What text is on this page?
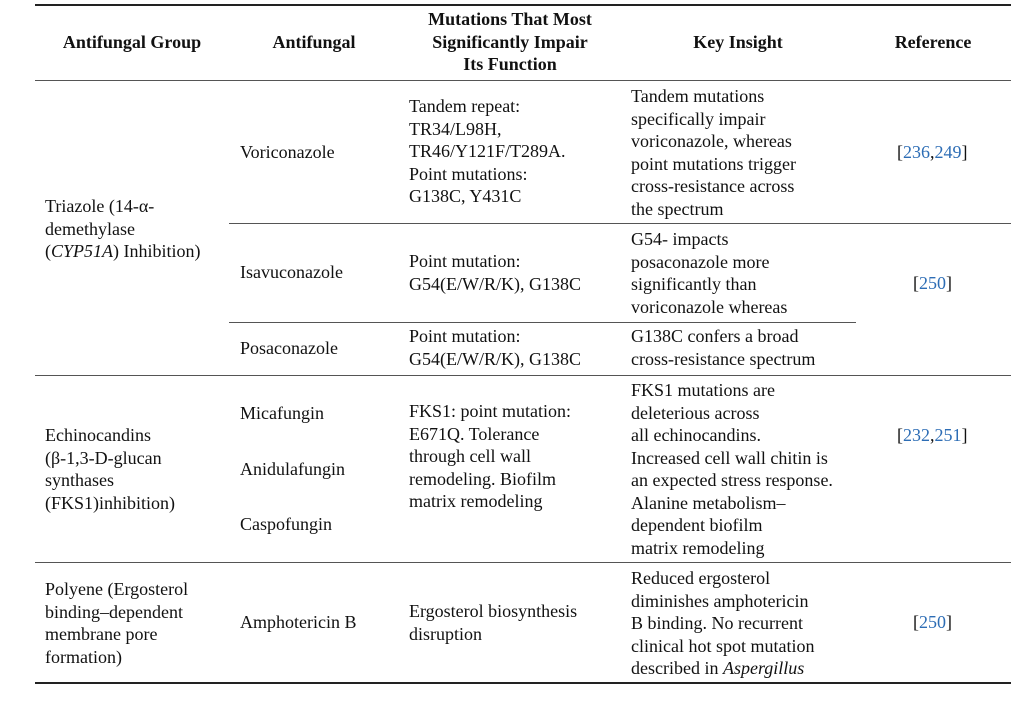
Antifungal Group	Antifungal
Mutations That Most
Significantly Impair
Its Function
Key Insight	Reference
Triazole (14-α-
demethylase
(CYP51A) Inhibition)
Voriconazole
Tandem repeat:
TR34/L98H,
TR46/Y121F/T289A.
Point mutations:
G138C, Y431C
Tandem mutations
specifically impair
voriconazole, whereas
point mutations trigger
cross-resistance across
the spectrum
[236,249]
Isavuconazole
Point mutation:
G54(E/W/R/K), G138C
G54- impacts
posaconazole more
significantly than
voriconazole whereas
[250]
Posaconazole
Point mutation:
G54(E/W/R/K), G138C
G138C confers a broad
cross-resistance spectrum
Echinocandins
(β-1,3-D-glucan
synthases
(FKS1)inhibition)
Micafungin
Anidulafungin
Caspofungin
FKS1: point mutation:
E671Q. Tolerance
through cell wall
remodeling. Biofilm
matrix remodeling
FKS1 mutations are
deleterious across
all echinocandins.
Increased cell wall chitin is
an expected stress response.
Alanine metabolism–
dependent biofilm
matrix remodeling
[232,251]
Polyene (Ergosterol
binding–dependent
membrane pore
formation)
Amphotericin B
Ergosterol biosynthesis
disruption
Reduced ergosterol
diminishes amphotericin
B binding. No recurrent
clinical hot spot mutation
described in Aspergillus
[250]
